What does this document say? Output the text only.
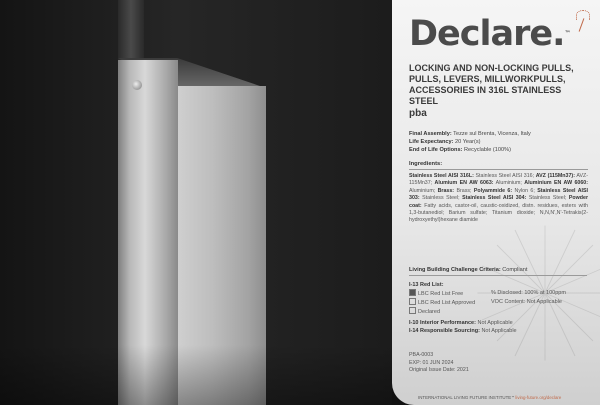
Declare.™
LOCKING AND NON-LOCKING PULLS, PULLS, LEVERS, MILLWORKPULLS, ACCESSORIES IN 316L STAINLESS STEEL
pba
Final Assembly: Tezze sul Brenta, Vicenza, Italy
Life Expectancy: 20 Year(s)
End of Life Options: Recyclable (100%)
Ingredients:
Stainless Steel AISI 316L: Stainless Steel AISI 316; AVZ (115Mn37): AVZ- 115Mn37; Alumium EN AW 6063: Aluminium; Aluminium EN AW 6060: Aluminium; Brass: Brass; Polyammide 6: Nylon 6; Stainless Steel AISI 303: Stainless Steel; Stainless Steel AISI 304: Stainless Steel; Powder coat: Fatty acids, castor-oil, caustic-oxidized, distn. residues, esters with 1,3-butanediol; Barium sulfate; Titanium dioxide; N,N,N',N'-Tetrakis(2-hydroxyethyl)hexane diamide
Living Building Challenge Criteria: Compliant
I-13 Red List:
LBC Red List Free	% Disclosed: 100% at 100ppm
LBC Red List Approved	VOC Content: Not Applicable
Declared
I-10 Interior Performance: Not Applicable
I-14 Responsible Sourcing: Not Applicable
PBA-0003
EXP: 01 JUN 2024
Original Issue Date: 2021
INTERNATIONAL LIVING FUTURE INSTITUTE™ living-future.org/declare
